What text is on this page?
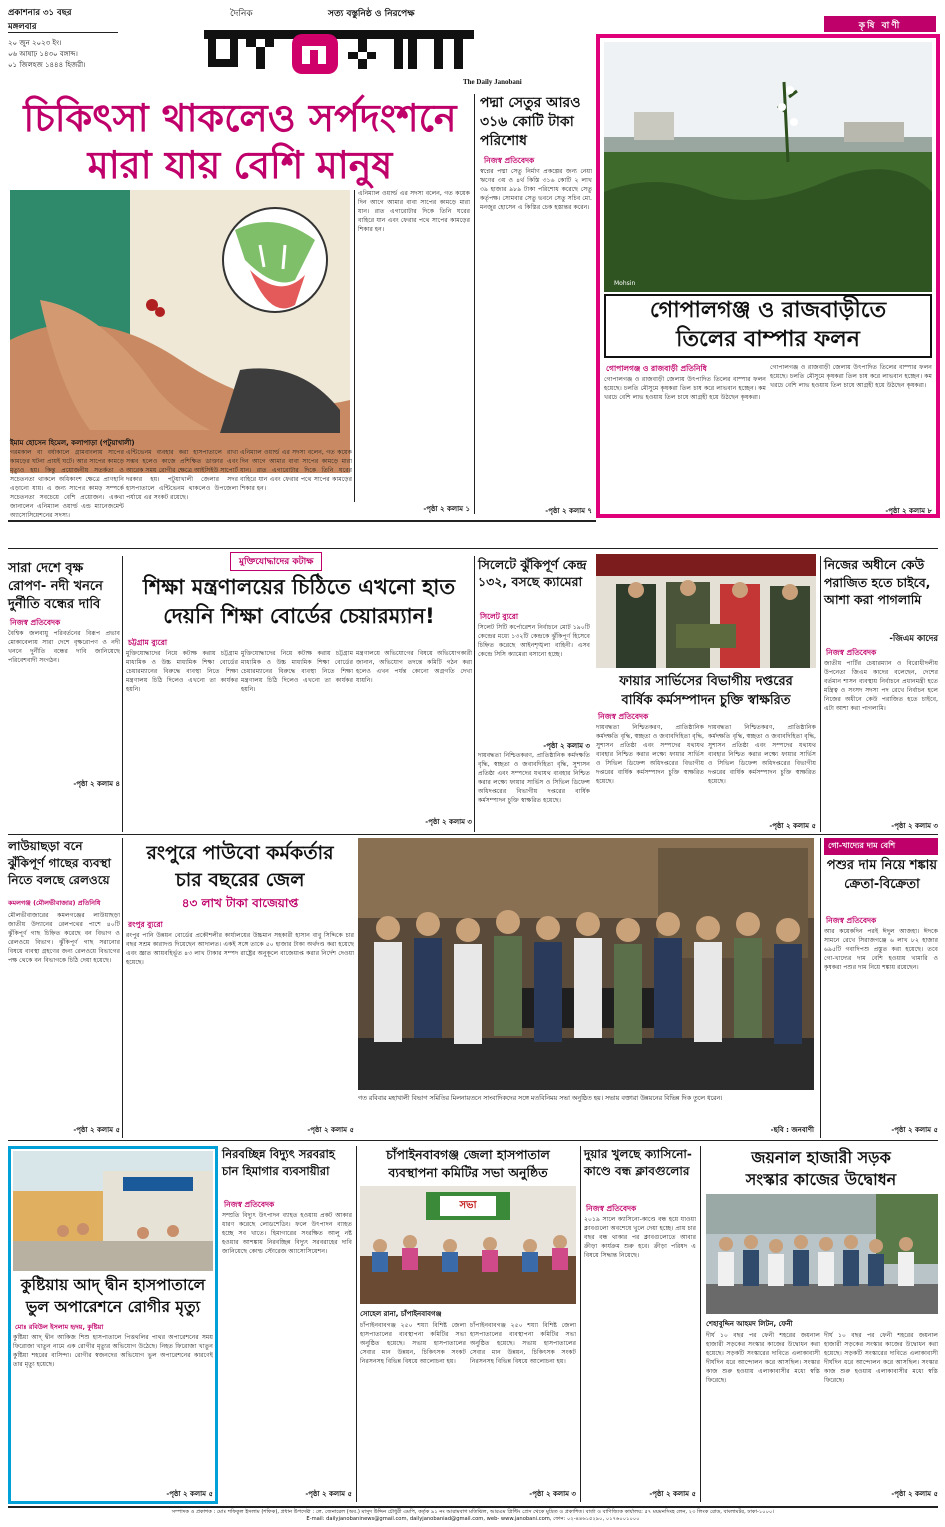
প্রকাশনার ৩১ বছর
মঙ্গলবার
২০ জুন ২০২৩ ইং।
০৬ আষাঢ় ১৪৩০ বঙ্গাব্দ।
০১ জিলহজ ১৪৪৪ হিজরী।
দৈনিক	সত্য বস্তুনিষ্ঠ ও নিরপেক্ষ
The Daily Janobani
কৃষি বাণী
চিকিৎসা থাকলেও সর্পদংশনে
মারা যায় বেশি মানুষ
ইমাম হোসেন হিমেল, কলাপাড়া (পটুয়াখালী)
এনিম্যাল ওয়ার্ল্ড এর সদস্য বলেন, গত কয়েক দিন আগে আমার বাবা সাপের কামড়ে মারা যান। রাত এগারোটার দিকে তিনি ঘরের বাহিরে যান এবং ফেরার পথে সাপের কামড়ের শিকার হন।
গরমকাল বা বর্ষাকালে গ্রামবাংলায় সাপের কামড়ের ঘটনা প্রায়ই ঘটে। আর সাপের কামড়ে মৃত্যুও হয়। কিন্তু প্রয়োজনীয় সতর্কতা ও সচেতনতা থাকলে অধিকাংশ ক্ষেত্রে প্রাণহানি এড়ানো যায়। এ জন্য সাপের কামড় সম্পর্কে সচেতনতা সবচেয়ে বেশি প্রয়োজন। একথা জানালেন এনিম্যাল ওয়ার্ল্ড এন্ড ম্যানেজমেন্ট অ্যাসোসিয়েশনের সদস্য।
এন্টিভেনম ব্যবহার করা হাসপাতালে রাখা সম্ভব হলেও কাজে প্রশিক্ষিত ডাক্তার এবং আরেক সময় রোগীর ক্ষেত্রে আইসিইউ সাপোর্ট দরকার হয়। পটুয়াখালী জেলার সদর হাসপাতালে এন্টিভেনম থাকলেও উপজেলা পর্যায়ে এর সংকট রয়েছে।
এনিম্যাল ওয়ার্ল্ড এর সদস্য বলেন, গত কয়েক দিন আগে আমার বাবা সাপের কামড়ে মারা যান। রাত এগারোটার দিকে তিনি ঘরের বাহিরে যান এবং ফেরার পথে সাপের কামড়ের শিকার হন।
-পৃষ্ঠা ২ কলাম ১
পদ্মা সেতুর আরও ৩১৬ কোটি টাকা পরিশোধ
নিজস্ব প্রতিবেদক
স্বপ্নের পদ্মা সেতু নির্মাণ প্রকল্পের জন্য নেয়া ঋণের ৩য় ও ৪র্থ কিস্তি ৩১৬ কোটি ২ লাখ ৩৯ হাজার ৯৮৯ টাকা পরিশোধ করেছে সেতু কর্তৃপক্ষ। সোমবার সেতু ভবনে সেতু সচিব মো. মনজুর হোসেন এ কিস্তির চেক হস্তান্তর করেন।
-পৃষ্ঠা ২ কলাম ৭
Mohsin
গোপালগঞ্জ ও রাজবাড়ীতে
তিলের বাম্পার ফলন
গোপালগঞ্জ ও রাজবাড়ী প্রতিনিধি
গোপালগঞ্জ ও রাজবাড়ী জেলায় উৎপাদিত তিলের বাম্পার ফলন হয়েছে। চলতি মৌসুমে কৃষকরা তিল চাষ করে লাভবান হচ্ছেন। কম খরচে বেশি লাভ হওয়ায় তিল চাষে আগ্রহী হয়ে উঠছেন কৃষকরা।
গোপালগঞ্জ ও রাজবাড়ী জেলায় উৎপাদিত তিলের বাম্পার ফলন হয়েছে। চলতি মৌসুমে কৃষকরা তিল চাষ করে লাভবান হচ্ছেন। কম খরচে বেশি লাভ হওয়ায় তিল চাষে আগ্রহী হয়ে উঠছেন কৃষকরা।
-পৃষ্ঠা ২ কলাম ৮
সারা দেশে বৃক্ষ রোপণ- নদী খননে দুর্নীতি বন্ধের দাবি
নিজস্ব প্রতিবেদক
বৈশ্বিক জলবায়ু পরিবর্তনের বিরূপ প্রভাব মোকাবেলায় সারা দেশে বৃক্ষরোপণ ও নদী খননে দুর্নীতি বন্ধের দাবি জানিয়েছে পরিবেশবাদী সংগঠন।
-পৃষ্ঠা ২ কলাম ৪
মুক্তিযোদ্ধাদের কটাক্ষ
শিক্ষা মন্ত্রণালয়ের চিঠিতে এখনো হাত
দেয়নি শিক্ষা বোর্ডের চেয়ারম্যান!
চট্টগ্রাম ব্যুরো
মুক্তিযোদ্ধাদের নিয়ে কটাক্ষ করায় চট্টগ্রাম মাধ্যমিক ও উচ্চ মাধ্যমিক শিক্ষা বোর্ডের চেয়ারম্যানের বিরুদ্ধে ব্যবস্থা নিতে শিক্ষা মন্ত্রণালয় চিঠি দিলেও এখনো তা কার্যকর হয়নি।
মুক্তিযোদ্ধাদের নিয়ে কটাক্ষ করায় চট্টগ্রাম মাধ্যমিক ও উচ্চ মাধ্যমিক শিক্ষা বোর্ডের চেয়ারম্যানের বিরুদ্ধে ব্যবস্থা নিতে শিক্ষা মন্ত্রণালয় চিঠি দিলেও এখনো তা কার্যকর হয়নি।
মন্ত্রণালয়ে অভিযোগের বিষয়ে অভিযোগকারী জানান, অভিযোগ তদন্তে কমিটি গঠন করা হলেও এখন পর্যন্ত কোনো অগ্রগতি দেখা যায়নি।
-পৃষ্ঠা ২ কলাম ৩
সিলেটে ঝুঁকিপূর্ণ কেন্দ্র ১৩২, বসছে ক্যামেরা
সিলেট ব্যুরো
সিলেট সিটি কর্পোরেশন নির্বাচনে মোট ১৯০টি কেন্দ্রের মধ্যে ১৩২টি কেন্দ্রকে ঝুঁকিপূর্ণ হিসেবে চিহ্নিত করেছে আইনশৃঙ্খলা বাহিনী। এসব কেন্দ্রে সিসি ক্যামেরা বসানো হচ্ছে।
-পৃষ্ঠা ২ কলাম ৩
ফায়ার সার্ভিসের বিভাগীয় দপ্তরের
বার্ষিক কর্মসম্পাদন চুক্তি স্বাক্ষরিত
নিজস্ব প্রতিবেদক
দায়বদ্ধতা নিশ্চিতকরণ, প্রাতিষ্ঠানিক কর্মদক্ষতি বৃদ্ধি, স্বচ্ছতা ও জবাবদিহিতা বৃদ্ধি, সুশাসন প্রতিষ্ঠা এবং সম্পদের যথাযথ ব্যবহার নিশ্চিত করার লক্ষ্যে ফায়ার সার্ভিস ও সিভিল ডিফেন্স অধিদপ্তরের বিভাগীয় দপ্তরের বার্ষিক কর্মসম্পাদন চুক্তি স্বাক্ষরিত হয়েছে।
দায়বদ্ধতা নিশ্চিতকরণ, প্রাতিষ্ঠানিক কর্মদক্ষতি বৃদ্ধি, স্বচ্ছতা ও জবাবদিহিতা বৃদ্ধি, সুশাসন প্রতিষ্ঠা এবং সম্পদের যথাযথ ব্যবহার নিশ্চিত করার লক্ষ্যে ফায়ার সার্ভিস ও সিভিল ডিফেন্স অধিদপ্তরের বিভাগীয় দপ্তরের বার্ষিক কর্মসম্পাদন চুক্তি স্বাক্ষরিত হয়েছে।
দায়বদ্ধতা নিশ্চিতকরণ, প্রাতিষ্ঠানিক কর্মদক্ষতি বৃদ্ধি, স্বচ্ছতা ও জবাবদিহিতা বৃদ্ধি, সুশাসন প্রতিষ্ঠা এবং সম্পদের যথাযথ ব্যবহার নিশ্চিত করার লক্ষ্যে ফায়ার সার্ভিস ও সিভিল ডিফেন্স অধিদপ্তরের বিভাগীয় দপ্তরের বার্ষিক কর্মসম্পাদন চুক্তি স্বাক্ষরিত হয়েছে।
-পৃষ্ঠা ২ কলাম ৫
নিজের অধীনে কেউ পরাজিত হতে চাইবে, আশা করা পাগলামি
-জিএম কাদের
নিজস্ব প্রতিবেদক
জাতীয় পার্টির চেয়ারম্যান ও বিরোধীদলীয় উপনেতা জিএম কাদের বলেছেন, দেশের বর্তমান শাসন ব্যবস্থায় নির্বাচনে প্রধানমন্ত্রী হতে মন্ত্রিত্ব ও সংসদ সদস্য পদ রেখে নির্বাচন হলে নিজের অধীনে কেউ পরাজিত হতে চাইবে, এটা আশা করা পাগলামি।
-পৃষ্ঠা ২ কলাম ৩
লাউয়াছড়া বনে ঝুঁকিপূর্ণ গাছের ব্যবস্থা নিতে বলছে রেলওয়ে
কমলগঞ্জ (মৌলভীবাজার) প্রতিনিধি
মৌলভীবাজারের কমলগঞ্জের লাউয়াছড়া জাতীয় উদ্যানের রেলপথের পাশে ৪০টি ঝুঁকিপূর্ণ গাছ চিহ্নিত করেছে বন বিভাগ ও রেলওয়ে বিভাগ। ঝুঁকিপূর্ণ গাছ সরানোর বিষয়ে ব্যবস্থা গ্রহণের জন্য রেলওয়ে বিভাগের পক্ষ থেকে বন বিভাগকে চিঠি দেয়া হয়েছে।
-পৃষ্ঠা ২ কলাম ৫
রংপুরে পাউবো কর্মকর্তার
চার বছরের জেল
৪৩ লাখ টাকা বাজেয়াপ্ত
রংপুর ব্যুরো
রংপুর পানি উন্নয়ন বোর্ডের প্রকৌশলীর কার্যালয়ের উচ্চমান সহকারী হাসান বাবু সিদ্দিকে চার বছর সশ্রম কারাদণ্ড দিয়েছেন আদালত। একই সঙ্গে তাকে ৫০ হাজার টাকা অর্থদণ্ড করা হয়েছে এবং জ্ঞাত আয়বহির্ভূত ৪৩ লাখ টাকার সম্পদ রাষ্ট্রের অনুকূলে বাজেয়াপ্ত করার নির্দেশ দেওয়া হয়েছে।
-পৃষ্ঠা ২ কলাম ৫
গত রবিবার মহাখালী বিভাগ সমিতির মিলনায়তনে সাংবাদিকদের সঙ্গে মতবিনিময় সভা অনুষ্ঠিত হয়। সভায় বক্তারা উন্নয়নের বিভিন্ন দিক তুলে ধরেন।
-ছবি : জনবাণী
গো-খাদ্যের দাম বেশি
পশুর দাম নিয়ে শঙ্কায় ক্রেতা-বিক্রেতা
নিজস্ব প্রতিবেদক
আর কয়েকদিন পরই ঈদুল আজহা। ঈদকে সামনে রেখে সিরাজগঞ্জে ৬ লাখ ৮২ হাজার ৬৯৫টি গবাদিপশু প্রস্তুত করা হয়েছে। তবে গো-খাদ্যের দাম বেশি হওয়ায় খামারি ও কৃষকরা পশুর দাম নিয়ে শঙ্কায় রয়েছেন।
-পৃষ্ঠা ২ কলাম ৫
কুষ্টিয়ায় আদ্ দ্বীন হাসপাতালে
ভুল অপারেশনে রোগীর মৃত্যু
মোঃ রবিউল ইসলাম হৃদয়, কুষ্টিয়া
কুষ্টিয়া আদ্ দ্বীন আকিজ শিশু হাসপাতালে পিত্তথলির পাথর অপারেশনের সময় ফিরোজা খাতুন নামে এক রোগীর মৃত্যুর অভিযোগ উঠেছে। নিহত ফিরোজা খাতুন কুষ্টিয়া শহরের বাসিন্দা। রোগীর স্বজনদের অভিযোগ ভুল অপারেশনের কারণেই তার মৃত্যু হয়েছে।
-পৃষ্ঠা ২ কলাম ৫
নিরবচ্ছিন্ন বিদ্যুৎ সরবরাহ চান হিমাগার ব্যবসায়ীরা
নিজস্ব প্রতিবেদক
সম্প্রতি বিদ্যুৎ উৎপাদন ব্যাহত হওয়ায় প্রকট আকার ধারণ করেছে লোডশেডিং। ফলে উৎপাদন ব্যাহত হচ্ছে সব খাতে। হিমাগারের সংরক্ষিত আলু নষ্ট হওয়ার আশঙ্কায় নিরবচ্ছিন্ন বিদ্যুৎ সরবরাহের দাবি জানিয়েছে কোল্ড স্টোরেজ অ্যাসোসিয়েশন।
-পৃষ্ঠা ২ কলাম ৫
চাঁপাইনবাবগঞ্জ জেলা হাসপাতাল
ব্যবস্থাপনা কমিটির সভা অনুষ্ঠিত
সভা
সোহেল রানা, চাঁপাইনবাবগঞ্জ
চাঁপাইনবাবগঞ্জ ২৫০ শয্যা বিশিষ্ট জেলা হাসপাতালের ব্যবস্থাপনা কমিটির সভা অনুষ্ঠিত হয়েছে। সভায় হাসপাতালের সেবার মান উন্নয়ন, চিকিৎসক সংকট নিরসনসহ বিভিন্ন বিষয়ে আলোচনা হয়।
চাঁপাইনবাবগঞ্জ ২৫০ শয্যা বিশিষ্ট জেলা হাসপাতালের ব্যবস্থাপনা কমিটির সভা অনুষ্ঠিত হয়েছে। সভায় হাসপাতালের সেবার মান উন্নয়ন, চিকিৎসক সংকট নিরসনসহ বিভিন্ন বিষয়ে আলোচনা হয়।
-পৃষ্ঠা ২ কলাম ৩
দুয়ার খুলছে ক্যাসিনো-কাণ্ডে বন্ধ ক্লাবগুলোর
নিজস্ব প্রতিবেদক
২০১৯ সালে ক্যাসিনো-কাণ্ডে বন্ধ হয়ে যাওয়া ক্লাবগুলো অবশেষে খুলে দেয়া হচ্ছে। প্রায় চার বছর বন্ধ থাকার পর ক্লাবগুলোতে আবার ক্রীড়া কার্যক্রম শুরু হবে। ক্রীড়া পরিষদ এ বিষয়ে সিদ্ধান্ত নিয়েছে।
-পৃষ্ঠা ২ কলাম ৫
জয়নাল হাজারী সড়ক
সংস্কার কাজের উদ্বোধন
শেহাবুদ্দিন আহমদ লিটন, ফেনী
দীর্ঘ ১০ বছর পর ফেনী শহরের জয়নাল হাজারী সড়কের সংস্কার কাজের উদ্বোধন করা হয়েছে। সড়কটি সংস্কারের দাবিতে এলাকাবাসী দীর্ঘদিন ধরে আন্দোলন করে আসছিল। সংস্কার কাজ শুরু হওয়ায় এলাকাবাসীর মধ্যে স্বস্তি ফিরেছে।
দীর্ঘ ১০ বছর পর ফেনী শহরের জয়নাল হাজারী সড়কের সংস্কার কাজের উদ্বোধন করা হয়েছে। সড়কটি সংস্কারের দাবিতে এলাকাবাসী দীর্ঘদিন ধরে আন্দোলন করে আসছিল। সংস্কার কাজ শুরু হওয়ায় এলাকাবাসীর মধ্যে স্বস্তি ফিরেছে।
-পৃষ্ঠা ২ কলাম ৫
সম্পাদক ও প্রকাশক : মোঃ শফিকুল ইসলাম (শফিক), প্রধান উপদেষ্টা : লে. জেনারেল (অব.) মাসুদ উদ্দিন চৌধুরী এমপি, কর্তৃক ৯১ নং আরামবাগ মতিঝিল, আরএম প্রিন্টিং প্রেস থেকে মুদ্রিত ও প্রকাশিত। বার্তা ও বাণিজ্যিক কার্যালয়: ৫৭ ময়মনসিংহ লেন, ২৩ লিংক রোড, বাংলামটর, ঢাকা-১০০০।
E-mail: dailyjanobaninews@gmail.com, dailyjanobaniad@gmail.com, web- www.janobani.com, ফোন: ০২-৪৪৬১৫২৯০, ০১৭৬০০১০০০
